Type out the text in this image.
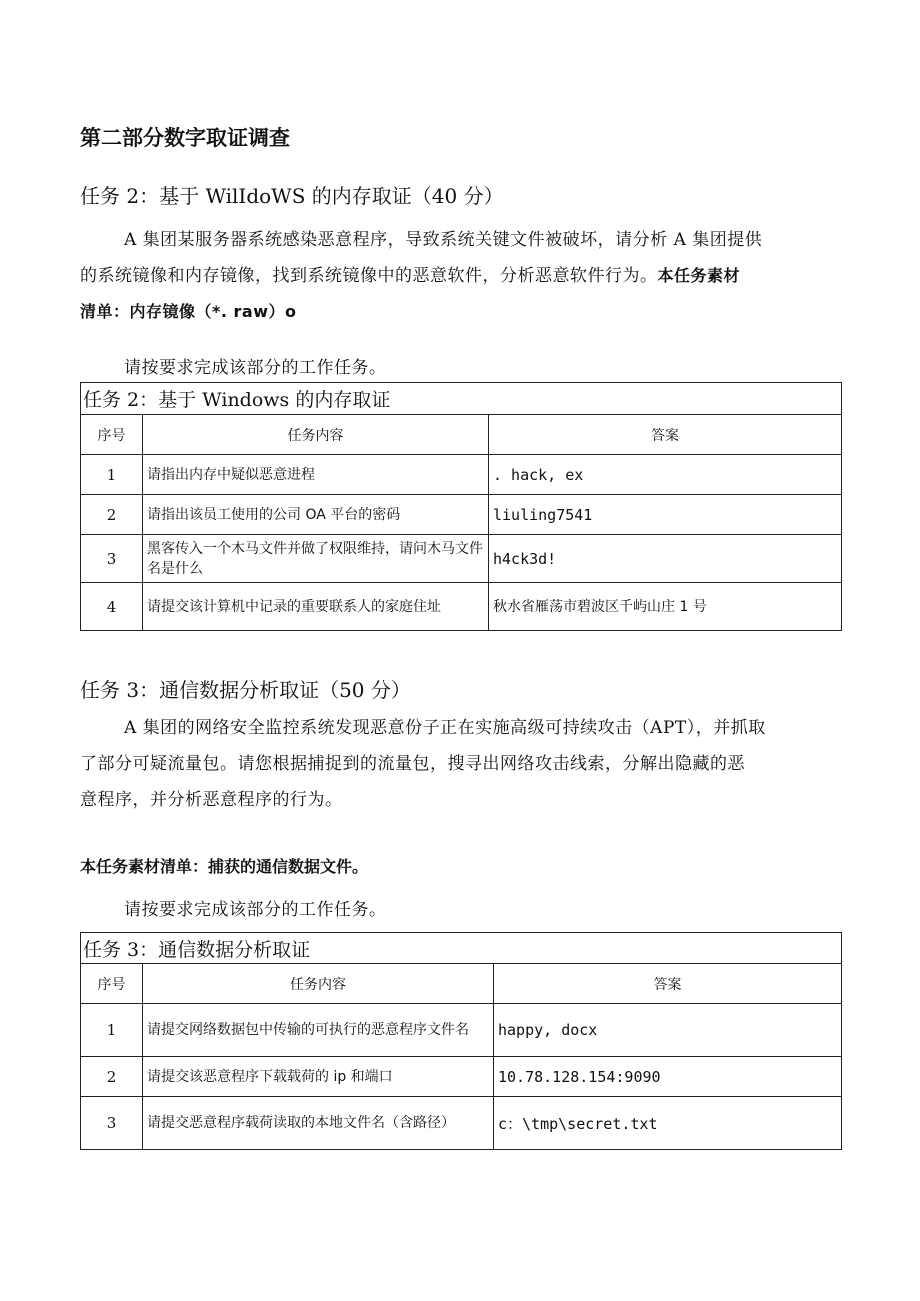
第二部分数字取证调查
任务 2：基于 WilIdoWS 的内存取证（40 分）
A 集团某服务器系统感染恶意程序，导致系统关键文件被破坏，请分析 A 集团提供
的系统镜像和内存镜像，找到系统镜像中的恶意软件，分析恶意软件行为。本任务素材
清单：内存镜像（*. raw）o
请按要求完成该部分的工作任务。
任务 2：基于 Windows 的内存取证		
序号	任务内容	答案
1	请指出内存中疑似恶意进程	. hack, ex
2	请指出该员工使用的公司 OA 平台的密码	liuling7541
3	黑客传入一个木马文件并做了权限维持，请问木马文件名是什么	h4ck3d!
4	请提交该计算机中记录的重要联系人的家庭住址	秋水省雁荡市碧波区千屿山庄 1 号
任务 3：通信数据分析取证（50 分）
A 集团的网络安全监控系统发现恶意份子正在实施高级可持续攻击（APT），并抓取
了部分可疑流量包。请您根据捕捉到的流量包，搜寻出网络攻击线索，分解出隐藏的恶
意程序，并分析恶意程序的行为。
本任务素材清单：捕获的通信数据文件。
请按要求完成该部分的工作任务。
任务 3：通信数据分析取证		
序号	任务内容	答案
1	请提交网络数据包中传输的可执行的恶意程序文件名	happy, docx
2	请提交该恶意程序下载载荷的 ip 和端口	10.78.128.154:9090
3	请提交恶意程序载荷读取的本地文件名（含路径）	c：\tmp\secret.txt
